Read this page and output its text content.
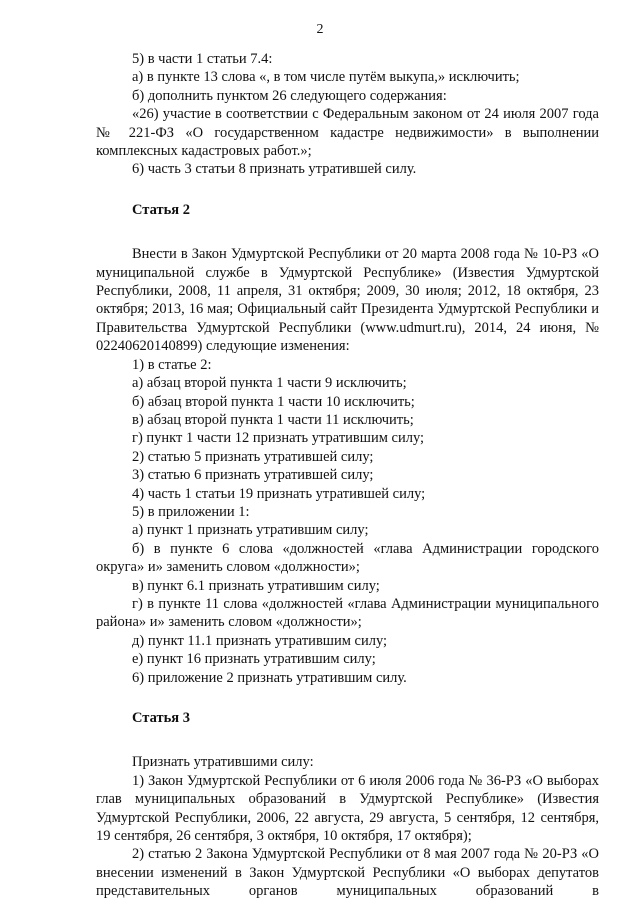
2

5) в части 1 статьи 7.4:

а) в пункте 13 слова «, в том числе путём выкупа,» исключить;

б) дополнить пунктом 26 следующего содержания:

«26) участие в соответствии с Федеральным законом от 24 июля 2007 года № 221-ФЗ «О государственном кадастре недвижимости» в выполнении комплексных кадастровых работ.»;

6) часть 3 статьи 8 признать утратившей силу.

Статья 2

Внести в Закон Удмуртской Республики от 20 марта 2008 года № 10-РЗ «О муниципальной службе в Удмуртской Республике» (Известия Удмуртской Республики, 2008, 11 апреля, 31 октября; 2009, 30 июля; 2012, 18 октября, 23 октября; 2013, 16 мая; Официальный сайт Президента Удмуртской Республики и Правительства Удмуртской Республики (www.udmurt.ru), 2014, 24 июня, № 02240620140899) следующие изменения:

1) в статье 2:

а) абзац второй пункта 1 части 9 исключить;

б) абзац второй пункта 1 части 10 исключить;

в) абзац второй пункта 1 части 11 исключить;

г) пункт 1 части 12 признать утратившим силу;

2) статью 5 признать утратившей силу;

3) статью 6 признать утратившей силу;

4) часть 1 статьи 19 признать утратившей силу;

5) в приложении 1:

а) пункт 1 признать утратившим силу;

б) в пункте 6 слова «должностей «глава Администрации городского округа» и» заменить словом «должности»;

в) пункт 6.1 признать утратившим силу;

г) в пункте 11 слова «должностей «глава Администрации муниципального района» и» заменить словом «должности»;

д) пункт 11.1 признать утратившим силу;

е) пункт 16 признать утратившим силу;

6) приложение 2 признать утратившим силу.

Статья 3

Признать утратившими силу:

1) Закон Удмуртской Республики от 6 июля 2006 года № 36-РЗ «О выборах глав муниципальных образований в Удмуртской Республике» (Известия Удмуртской Республики, 2006, 22 августа, 29 августа, 5 сентября, 12 сентября, 19 сентября, 26 сентября, 3 октября, 10 октября, 17 октября);

2) статью 2 Закона Удмуртской Республики от 8 мая 2007 года № 20-РЗ «О внесении изменений в Закон Удмуртской Республики «О выборах депутатов представительных органов муниципальных образований в
